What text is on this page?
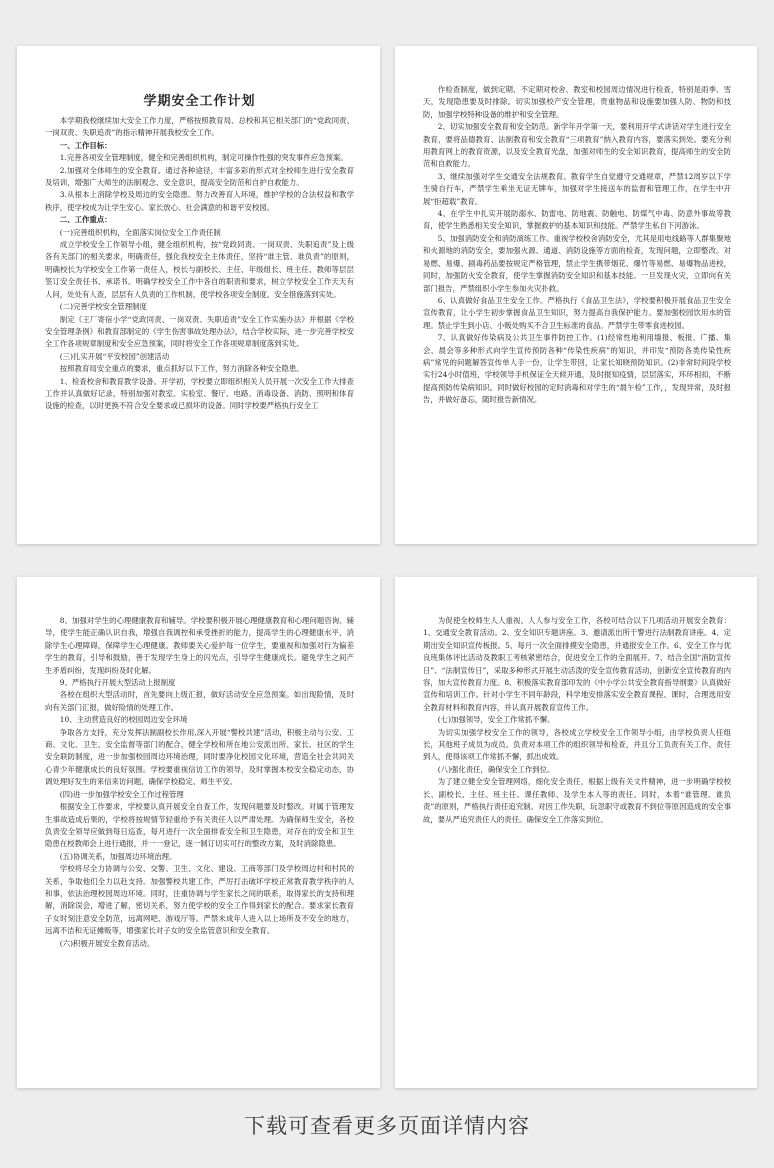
学期安全工作计划

本学期我校继续加大安全工作力度，严格按照教育局、总校和其它相关部门的“党政同责、一岗双责、失职追责”的指示精神开展我校安全工作。

一、工作目标：

1.完善各项安全管理制度，健全和完善组织机构，制定可操作性强的突发事件应急预案。

2.加强对全体师生的安全教育。通过各种途径，丰富多彩的形式对全校师生进行安全教育及培训，增强广大师生的法制观念、安全意识，提高安全防范和自护自救能力。

3.从根本上消除学校及周边的安全隐患。努力改善育人环境，维护学校的合法权益和教学秩序，使学校成为让学生安心、家长放心、社会满意的和谐平安校园。

二、工作重点：

(一)完善组织机构，全面落实岗位安全工作责任制

成立学校安全工作领导小组，健全组织机构，按“党政同责、一岗双责、失职追责”及上级各有关部门的相关要求，明确责任，强化我校安全主体责任，坚持“谁主管、谁负责”的原则，明确校长为学校安全工作第一责任人，校长与副校长、主任、年级组长、班主任、教师等层层签订安全责任书、承诺书。明确学校安全工作中各自的职责和要求，树立学校安全工作天天有人问，处处有人查，层层有人负责的工作机制，使学校各项安全制度、安全措施落到实处。

(二)完善学校安全管理制度

制定《王厂寄宿小学“党政同责、一岗双责、失职追责”安全工作实施办法》并根据《学校安全管理条例》和教育部制定的《学生伤害事故处理办法》，结合学校实际，进一步完善学校安全工作各项规章制度和安全应急预案，同时将安全工作各项规章制度落到实处。

(三)扎实开展“平安校园”创建活动

按照教育局安全重点的要求，重点抓好以下工作，努力消除各种安全隐患。

1、检查校舍和教育教学设备。开学初，学校要立即组织相关人员开展一次安全工作大排查工作并认真做好记录，特别加强对教室、实验室、餐厅、电路、消毒设备、消防、照明和体育设施的检查，以时更换不符合安全要求或已损坏的设备。同时学校要严格执行安全工

作检查制度，做到定期、不定期对校舍、教室和校园周边情况进行检查，特别是雨季、雪天，发现隐患要及时排除。切实加强校产安全管理，贵重物品和设施要加强人防、物防和技防，加强学校特种设备的维护和安全管理。

2、切实加强安全教育和安全防范。新学年开学第一天，要利用开学式讲话对学生进行安全教育，要将品德教育、法制教育和安全教育“三项教育”纳入教育内容，要落实到处。要充分利用教育网上的教育资源，以及安全教育光盘，加强对师生的安全知识教育，提高师生的安全防范和自救能力。

3、继续加强对学生交通安全法规教育。教育学生自觉遵守交通规章，严禁12周岁以下学生骑自行车，严禁学生乘坐无证无牌车，加强对学生接送车的监督和管理工作，在学生中开展“拒超载”教育。

4、在学生中扎实开展防溺水、防雷电、防地震、防触电、防煤气中毒、防意外事故等教育，使学生熟悉相关安全知识，掌握救护的基本知识和技能。严禁学生私自下河游泳。

5、加强消防安全和消防演练工作。重视学校校舍消防安全，尤其是用电线路等人群集聚地和火源地的消防安全，要加强火源、通道、消防设施等方面的检查，发现问题，立即整改。对易燃、易爆、剧毒药品要按规定严格管理，禁止学生携带烟花、爆竹等易燃、易爆物品进校，同时，加强防火安全教育，使学生掌握消防安全知识和基本技能。一旦发现火灾，立即向有关部门报告，严禁组织小学生参加火灾扑救。

6、认真做好食品卫生安全工作。严格执行《食品卫生法》，学校要积极开展食品卫生安全宣传教育，让小学生初步掌握食品卫生知识，努力提高自我保护能力。要加强校园饮用水的管理。禁止学生到小店、小贩处购买不合卫生标准的食品。严禁学生带零食进校园。

7、认真做好传染病及公共卫生事件防控工作。(1)经常性地利用墙报、板报、广播、集会、晨会等多种形式向学生宣传预防各种“传染性疾病”的知识，并印发“预防各类传染性疾病”常见的问题解答宣传单人手一份，让学生带回，让家长知晓预防知识。(2)非常时间段学校实行24小时值班，学校领导手机保证全天候开通，及时报知疫情，层层落实，环环相扣，不断提高预防传染病知识。同时做好校园的定时消毒和对学生的“晨午检”工作，，发现异常，及时报告，并做好备忘，随时报告新情况。

8、加强对学生的心理健康教育和辅导。学校要积极开展心理健康教育和心理问题咨询、辅导，使学生能正确认识自我，增强自我调控和承受挫折的能力，提高学生的心理健康水平，消除学生心理障碍，保障学生心理健康。教师要关心爱护每一位学生，要重视和加强对行为偏差学生的教育，引导和鼓励，善于发现学生身上的闪光点，引导学生健康成长。避免学生之间产生矛盾纠纷，发现纠纷及时化解。

9、严格执行开展大型活动上报制度

各校在组织大型活动时，首先要向上级汇报，做好活动安全应急预案。如出现险情，及时向有关部门汇报，做好险情的处理工作。

10、主动营造良好的校园周边安全环境

争取各方支持，充分发挥法制副校长作用,深入开展“警校共建”活动，积极主动与公安、工商、文化、卫生、安全监督等部门的配合，健全学校和所在地公安派出所、家长、社区的学生安全联防制度，进一步加强校园周边环境治理，同时要净化校园文化环境，营造全社会共同关心青少年健康成长的良好氛围。学校要重视信访工作的领导，及时掌握本校安全稳定动态，协调处理好发生的来信来访问题，确保学校稳定、师生平安。

(四)进一步加强学校安全工作过程管理

根据安全工作要求，学校要认真开展安全自查工作，发现问题要及时整改。对属于管理发生事故造成后果的，学校将按规情节轻重给予有关责任人以严肃处理。为确保师生安全，各校负责安全领导应做到每日巡查，每月进行一次全面排查安全和卫生隐患，对存在的安全和卫生隐患在校教师会上进行通报，并一一登记，逐一制订切实可行的整改方案，及时消除隐患。

(五)协调关系，加强周边环境治理。

学校将尽全力协调与公安、交警、卫生、文化、建设、工商等部门及学校周边村和村民的关系，争取他们全力以赴支持。加强警校共建工作，严厉打击破坏学校正常教育教学秩序的人和事，依法治理校园周边环境。同时，注重协调与学生家长之间的联系，取得家长的支持和理解，消除误会，增进了解，密切关系，努力使学校的安全工作得到家长的配合。要求家长教育子女时刻注意安全防范，远离网吧、游戏厅等。严禁未成年人进入以上场所及不安全的地方，远离不洁和无证摊贩等，增强家长对子女的安全监管意识和安全教育。

(六)积极开展安全教育活动。

为促使全校师生人人重视、人人参与安全工作，各校可结合以下几项活动开展安全教育：1、交通安全教育活动。2、安全知识专题讲座。3、邀请派出所干警进行法制教育讲座。4、定期出安全知识宣传板报。5、每月一次全面排摸安全隐患，并通报安全工作。6、安全工作与优良班集体评比活动及教职工考核紧密结合，促进安全工作的全面展开。7、结合全国“消防宣传日”、“法制宣传日”，采取多种形式开展生动活泼的安全宣传教育活动，创新安全宣传教育的内容，加大宣传教育力度。8、积极落实教育部印发的《中小学公共安全教育指导纲要》认真做好宣传和培训工作。针对小学生不同年龄段，科学地安排落实安全教育课程、课时，合理选用安全教育材料和教育内容，并认真开展教育宣传工作。

(七)加强领导，安全工作常抓不懈。

为切实加强学校安全工作的领导，各校成立学校安全工作领导小组，由学校负责人任组长，其他班子成员为成员。负责对本项工作的组织领导和检查，并且分工负责有关工作，责任到人，使得该项工作常抓不懈，抓出成效。

(八)强化责任，确保安全工作到位。

为了建立健全安全管理网络，细化安全责任，根据上级有关文件精神，进一步明确学校校长、副校长、主任、班主任、课任教师、及学生本人等的责任。同时，本着“谁管理、谁负责”的原则，严格执行责任追究制。对因工作失职，玩忽职守或教育不到位等原因造成的安全事故，要从严追究责任人的责任。确保安全工作落实到位。

下载可查看更多页面详情内容
